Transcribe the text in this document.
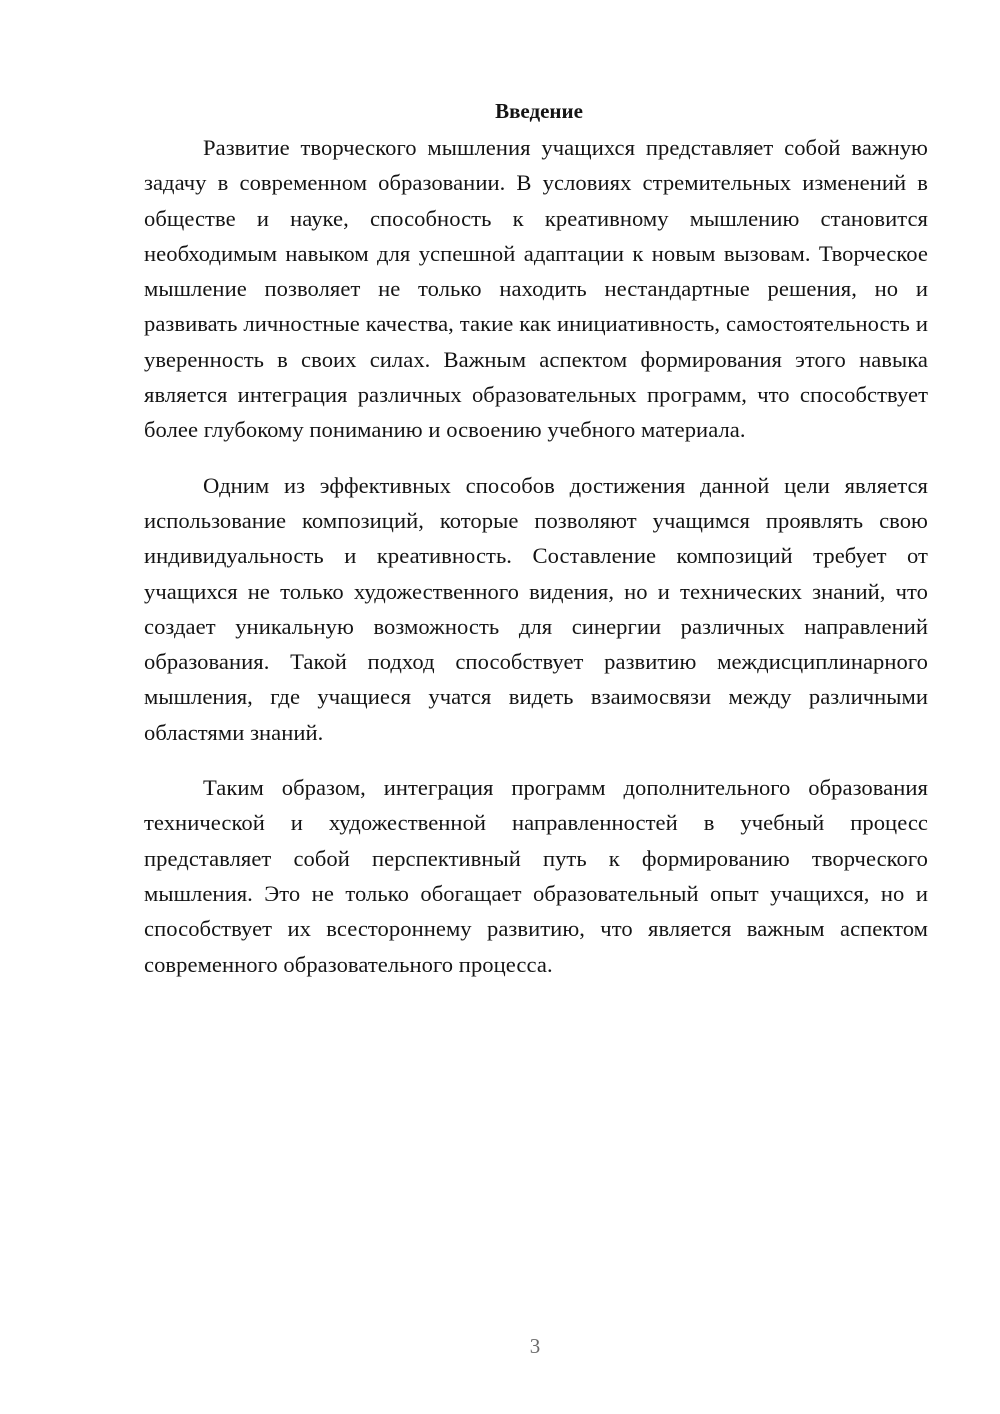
Введение

Развитие творческого мышления учащихся представляет собой важную задачу в современном образовании. В условиях стремительных изменений в обществе и науке, способность к креативному мышлению становится необходимым навыком для успешной адаптации к новым вызовам. Творческое мышление позволяет не только находить нестандартные решения, но и развивать личностные качества, такие как инициативность, самостоятельность и уверенность в своих силах. Важным аспектом формирования этого навыка является интеграция различных образовательных программ, что способствует более глубокому пониманию и освоению учебного материала.

Одним из эффективных способов достижения данной цели является использование композиций, которые позволяют учащимся проявлять свою индивидуальность и креативность. Составление композиций требует от учащихся не только художественного видения, но и технических знаний, что создает уникальную возможность для синергии различных направлений образования. Такой подход способствует развитию междисциплинарного мышления, где учащиеся учатся видеть взаимосвязи между различными областями знаний.

Таким образом, интеграция программ дополнительного образования технической и художественной направленностей в учебный процесс представляет собой перспективный путь к формированию творческого мышления. Это не только обогащает образовательный опыт учащихся, но и способствует их всестороннему развитию, что является важным аспектом современного образовательного процесса.

3
